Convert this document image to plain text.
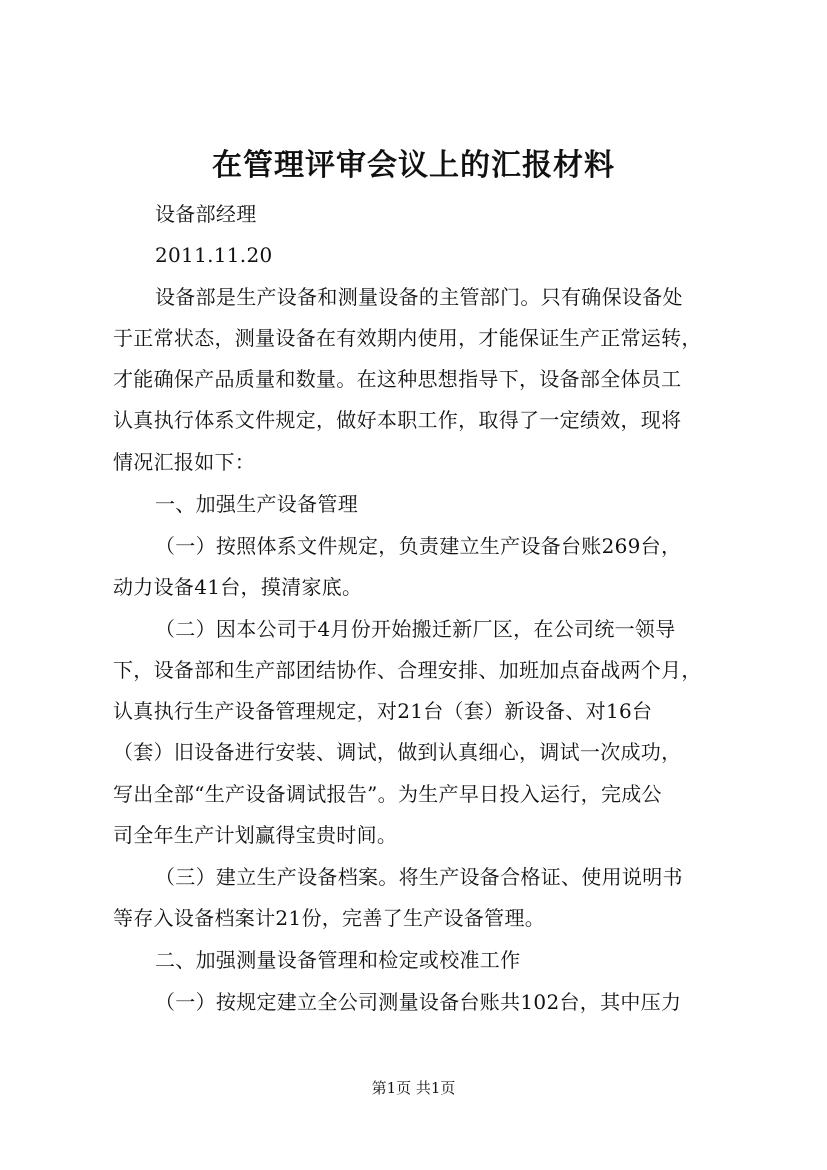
在管理评审会议上的汇报材料
设备部经理
2011.11.20
设备部是生产设备和测量设备的主管部门。只有确保设备处
于正常状态，测量设备在有效期内使用，才能保证生产正常运转，
才能确保产品质量和数量。在这种思想指导下，设备部全体员工
认真执行体系文件规定，做好本职工作，取得了一定绩效，现将
情况汇报如下：
一、加强生产设备管理
（一）按照体系文件规定，负责建立生产设备台账269台，
动力设备41台，摸清家底。
（二）因本公司于4月份开始搬迁新厂区，在公司统一领导
下，设备部和生产部团结协作、合理安排、加班加点奋战两个月，
认真执行生产设备管理规定，对21台（套）新设备、对16台
（套）旧设备进行安装、调试，做到认真细心，调试一次成功，
写出全部“生产设备调试报告”。为生产早日投入运行，完成公
司全年生产计划赢得宝贵时间。
（三）建立生产设备档案。将生产设备合格证、使用说明书
等存入设备档案计21份，完善了生产设备管理。
二、加强测量设备管理和检定或校准工作
（一）按规定建立全公司测量设备台账共102台，其中压力
第1页 共1页
